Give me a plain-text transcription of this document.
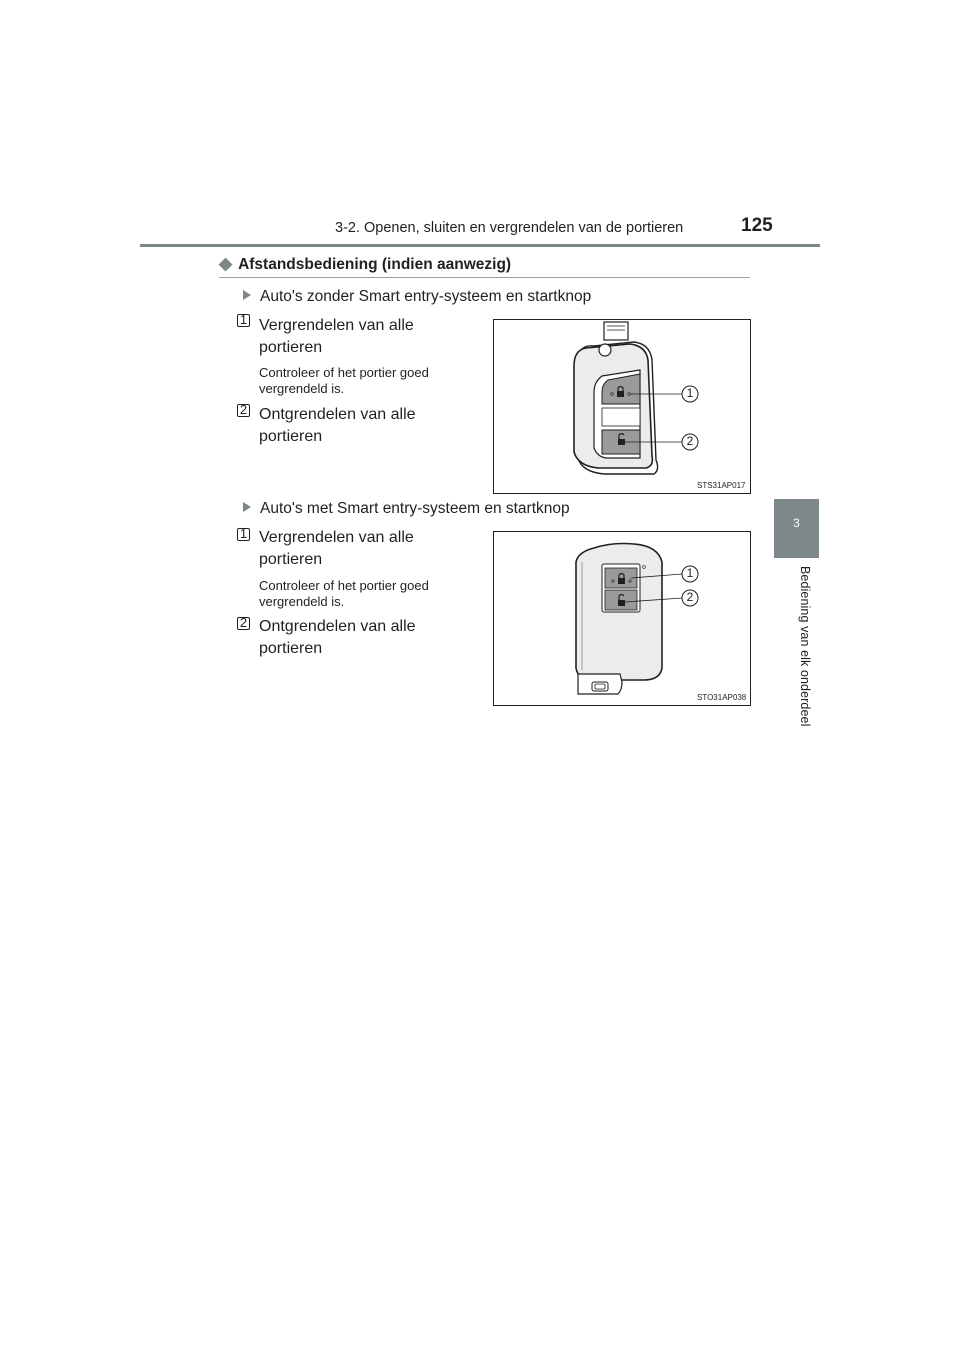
3-2. Openen, sluiten en vergrendelen van de portieren	125
3
Bediening van elk onderdeel
◆ Afstandsbediening (indien aanwezig)
Auto's zonder Smart entry-systeem en startknop
1 Vergrendelen van alle portieren
Controleer of het portier goed vergrendeld is.
2 Ontgrendelen van alle portieren
1
2
STS31AP017
Auto's met Smart entry-systeem en startknop
1 Vergrendelen van alle portieren
Controleer of het portier goed vergrendeld is.
2 Ontgrendelen van alle portieren
1
2
STO31AP038
